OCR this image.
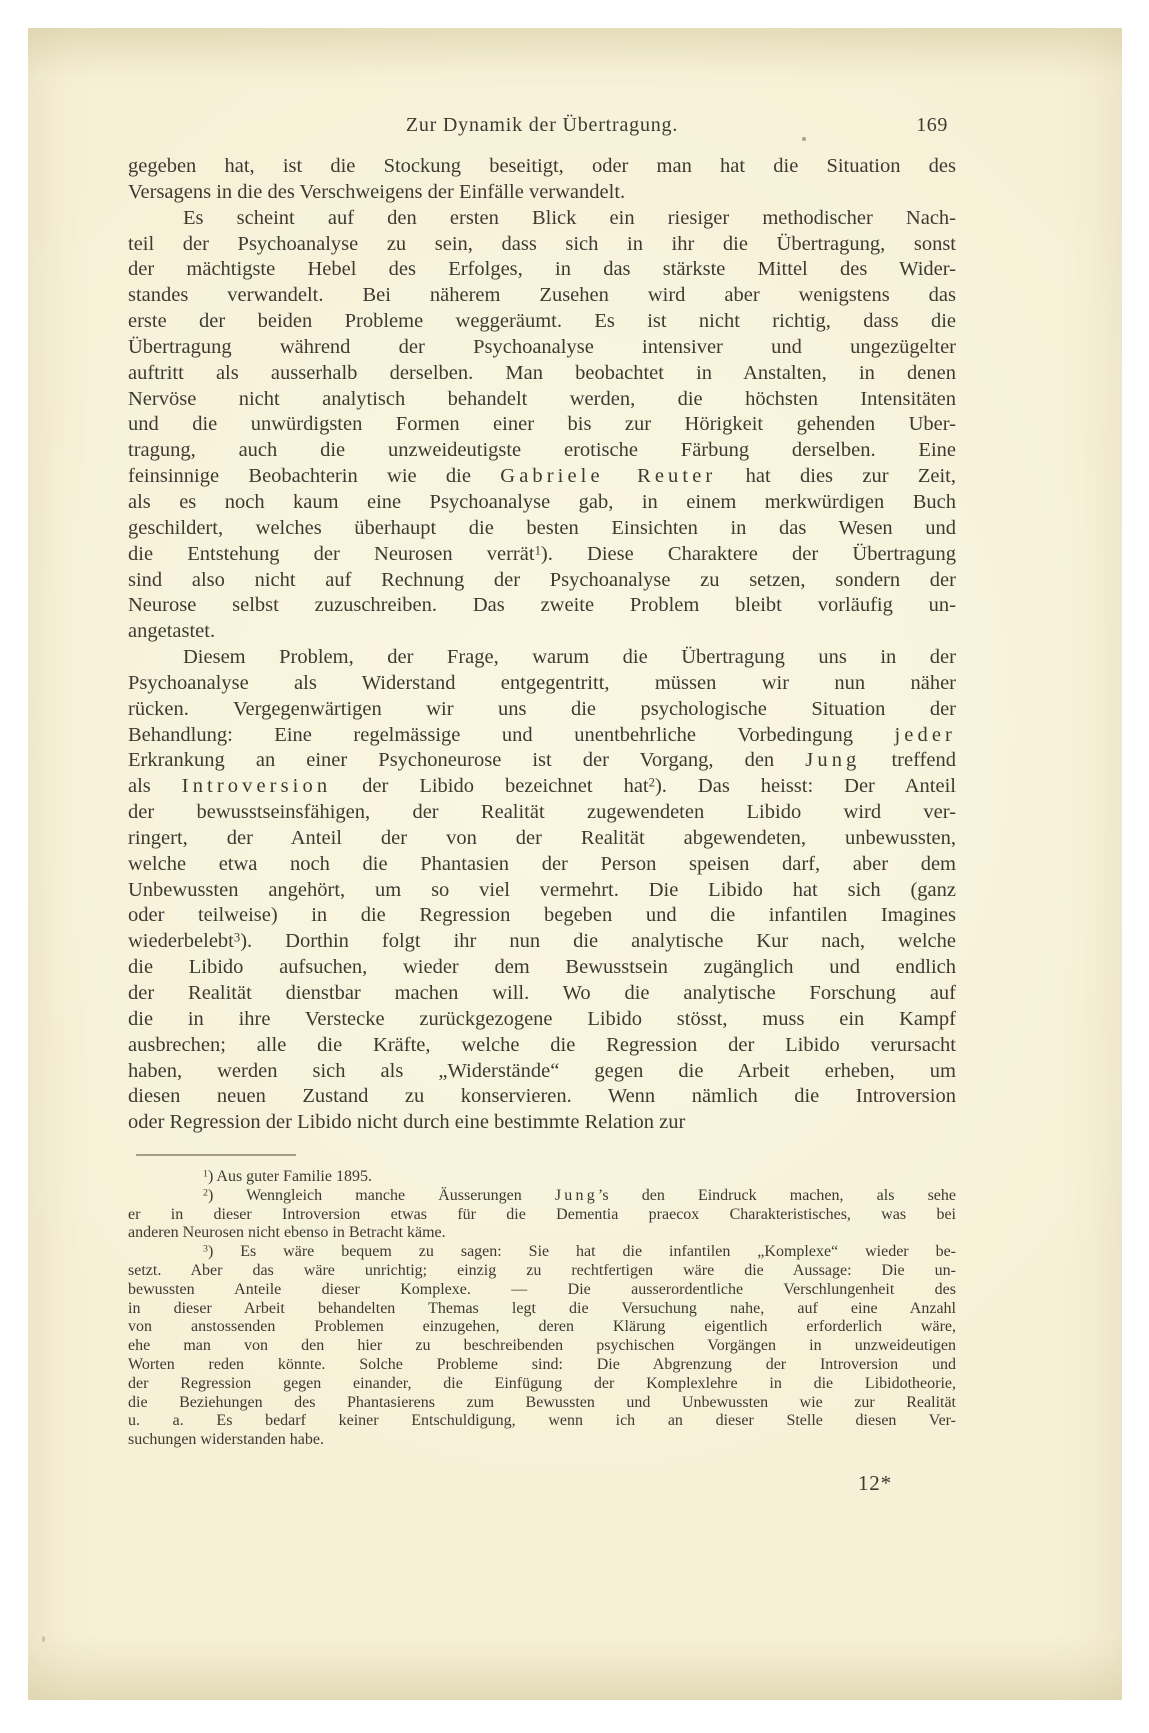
Zur Dynamik der Übertragung.	169
gegeben hat, ist die Stockung beseitigt, oder man hat die Situation des
Versagens in die des Verschweigens der Einfälle verwandelt.
Es scheint auf den ersten Blick ein riesiger methodischer Nach-
teil der Psychoanalyse zu sein, dass sich in ihr die Übertragung, sonst
der mächtigste Hebel des Erfolges, in das stärkste Mittel des Wider-
standes verwandelt. Bei näherem Zusehen wird aber wenigstens das
erste der beiden Probleme weggeräumt. Es ist nicht richtig, dass die
Übertragung während der Psychoanalyse intensiver und ungezügelter
auftritt als ausserhalb derselben. Man beobachtet in Anstalten, in denen
Nervöse nicht analytisch behandelt werden, die höchsten Intensitäten
und die unwürdigsten Formen einer bis zur Hörigkeit gehenden Uber-
tragung, auch die unzweideutigste erotische Färbung derselben. Eine
feinsinnige Beobachterin wie die Gabriele Reuter hat dies zur Zeit,
als es noch kaum eine Psychoanalyse gab, in einem merkwürdigen Buch
geschildert, welches überhaupt die besten Einsichten in das Wesen und
die Entstehung der Neurosen verrät$^1$). Diese Charaktere der Übertragung
sind also nicht auf Rechnung der Psychoanalyse zu setzen, sondern der
Neurose selbst zuzuschreiben. Das zweite Problem bleibt vorläufig un-
angetastet.
Diesem Problem, der Frage, warum die Übertragung uns in der
Psychoanalyse als Widerstand entgegentritt, müssen wir nun näher
rücken. Vergegenwärtigen wir uns die psychologische Situation der
Behandlung: Eine regelmässige und unentbehrliche Vorbedingung jeder
Erkrankung an einer Psychoneurose ist der Vorgang, den Jung treffend
als Introversion der Libido bezeichnet hat$^2$). Das heisst: Der Anteil
der bewusstseinsfähigen, der Realität zugewendeten Libido wird ver-
ringert, der Anteil der von der Realität abgewendeten, unbewussten,
welche etwa noch die Phantasien der Person speisen darf, aber dem
Unbewussten angehört, um so viel vermehrt. Die Libido hat sich (ganz
oder teilweise) in die Regression begeben und die infantilen Imagines
wiederbelebt$^3$). Dorthin folgt ihr nun die analytische Kur nach, welche
die Libido aufsuchen, wieder dem Bewusstsein zugänglich und endlich
der Realität dienstbar machen will. Wo die analytische Forschung auf
die in ihre Verstecke zurückgezogene Libido stösst, muss ein Kampf
ausbrechen; alle die Kräfte, welche die Regression der Libido verursacht
haben, werden sich als „Widerstände“ gegen die Arbeit erheben, um
diesen neuen Zustand zu konservieren. Wenn nämlich die Introversion
oder Regression der Libido nicht durch eine bestimmte Relation zur
$^1$) Aus guter Familie 1895.
$^2$) Wenngleich manche Äusserungen Jung’s den Eindruck machen, als sehe
er in dieser Introversion etwas für die Dementia praecox Charakteristisches, was bei
anderen Neurosen nicht ebenso in Betracht käme.
$^3$) Es wäre bequem zu sagen: Sie hat die infantilen „Komplexe“ wieder be-
setzt. Aber das wäre unrichtig; einzig zu rechtfertigen wäre die Aussage: Die un-
bewussten Anteile dieser Komplexe. — Die ausserordentliche Verschlungenheit des
in dieser Arbeit behandelten Themas legt die Versuchung nahe, auf eine Anzahl
von anstossenden Problemen einzugehen, deren Klärung eigentlich erforderlich wäre,
ehe man von den hier zu beschreibenden psychischen Vorgängen in unzweideutigen
Worten reden könnte. Solche Probleme sind: Die Abgrenzung der Introversion und
der Regression gegen einander, die Einfügung der Komplexlehre in die Libidotheorie,
die Beziehungen des Phantasierens zum Bewussten und Unbewussten wie zur Realität
u. a. Es bedarf keiner Entschuldigung, wenn ich an dieser Stelle diesen Ver-
suchungen widerstanden habe.
12*
